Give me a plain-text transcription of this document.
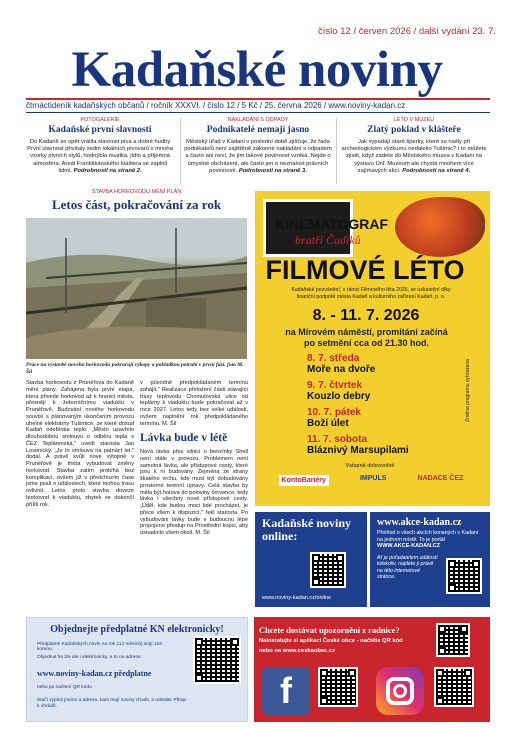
číslo 12 / červen 2026 / další vydání 23. 7.
Kadaňské noviny
čtrnáctideník kadaňských občanů / ročník XXXVI. / číslo 12 / 5 Kč / 25. června 2026 / www.noviny-kadan.cz
POTOGALERIE
Kadaňské první slavnosti
Do Kadaně se opět vrátila slavnost piva a dobré hudby První slavnost přivítaly sedm lokálních pivovarů s mnoha vzorky pivních stylů, hodnýbla muzika, jídlo a příjemná atmosféra. Areál Františkánského kláštera se zaplnil lidmi. Podrobnosti na straně 2.
NAKLÁDÁNÍ S ODPADY
Podnikatelé nemají jasno
Městský úřad v Kadani v poslední době zjišťuje, že řada podnikatelů není zajištěně zákonné nakládání s odpadem a často ani neví, že jim takové povinnost vzniká. Nejde o úmyslné obcházení, ale často jen o neznalost právních povinností. Podrobnosti na straně 3.
LÉTO V MUZEU
Zlatý poklad v klášteře
Jak vypadají staré šperky, které se našly při archeologickém výzkumu nedaleko Tušimic? I to můžete zjistit, když zadete do Městského muzea v Kadani na výstavu Unl. Muzeum ale chystá mnohem více zajímavých akcí. Podrobnosti na straně 4.
STAVBA HORKOVODU MĚNÍ PLÁN
Letos část, pokračování za rok
Práce na výstavbě nového horkovodu pokračují výkopy a pokládkou potrubí v první fázi. foto M. Šíl
Stavba horkovodu z Prunéřova do Kadaně mění plány. Zahájena byla první etapa, která přivede horkovod až k hranici města, přesněji k železničnímu viaduktu v Prunéřově. Budování nového horkovodu souvisí s plánovaným ukončením provozu uhelné elektrárny Tušimice, ze které dosud Kadaň odebírala teplo. „Město uzavřelo dlouhodobou smlouvu o odběru tepla s ČEZ Teplárenská," uvedl starosta Jan Losenický. „Je to smlouva na patnáct let." dodal. A právě kvůli nové výtopně v Prunéřově je třeba vybudovat změny horkovod. Stavba zatím probíhá bez komplikací, ovšem již v předchozím čase jsme psali o událostech, které mohou trasu ovlivnit. Letos proto stavba doveze horkovod k viaduktu, zbytek se dokončí příští rok.
v původně předpokládaném termínu zahájit." Realizace přeložení části stávající trasy teplovodu Chomutovská ulice od teplárny k viaduktu bude pokračovat až v roce 2027. Letos tedy bez velké události, ovšem naplnění rok předpokládaného termínu. M. Šíl
Lávka bude v létě
Nová lávka přes silnici u benzínky Shell není stále v provozu. Problémem není samotná lávka, ale přístupové cesty, které jsou k ní budovány. Zejména ze strany škatého vrchu, kde musí být dobudovány prostorné terénní úpravy. Celá stavba by měla být hotova do poloviny července, tedy lávka i všechny nové přístupové cesty. „Úděl, kde budou moci lidé procházet, je přece všem k dispozici," řekl starosta. Po vybudování lávky bude v budoucnu lépe propojeno přestup na Prostřední kopci, aby usnadnilo všem okolí. M. Šíl
KINEMATOGRAF
bratří Čadíků
FILMOVÉ LÉTO
Kadaňské pozvánění, v rámci Filmového léta 2026, se uskuteční díky finanční podpoře města Kadaň a kulturního zařízení Kadaň, p. o.
8. - 11. 7. 2026
na Mírovém náměstí, promítání začíná po setmění cca od 21.30 hod.
8. 7. středa
Moře na dvoře
9. 7. čtvrtek
Kouzlo debry
10. 7. pátek
Boží úlet
11. 7. sobota
Bláznivý Marsupilami
Změna programu vyhrazena
Vstupné dobrovolné
KontoBariéry	IMPULS	NADACE ČEZ
Kadaňské noviny online:
www.noviny-kadan.cz/online
www.akce-kadan.cz
Přehled o všech akcích konaných v Kadani na jednom místě. To je portál
WWW.AKCE-KADAN.CZ
Ať je pořadatelem událostí kdokoliv, najdete ji právě na této internetové stránce.
Objednejte předplatné KN elektronicky!
Předplatné Kadaňských novin na rok 112 měsíců) stojí 104 korunu.
Objednat ho lze ale i elektronicky, a to na adrese:
www.noviny-kadan.cz předplatne
nebo po načtení QR kódu
Stačí vyplnit jméno a adresu, kam mají noviny chodit, a odeslat. Přitup k ohrádě.
Chcete dostávat upozornění z radnice?
Nainstalujte si aplikaci České obce - načtěte QR kód
nebo na www.ceskaobec.cz
f
